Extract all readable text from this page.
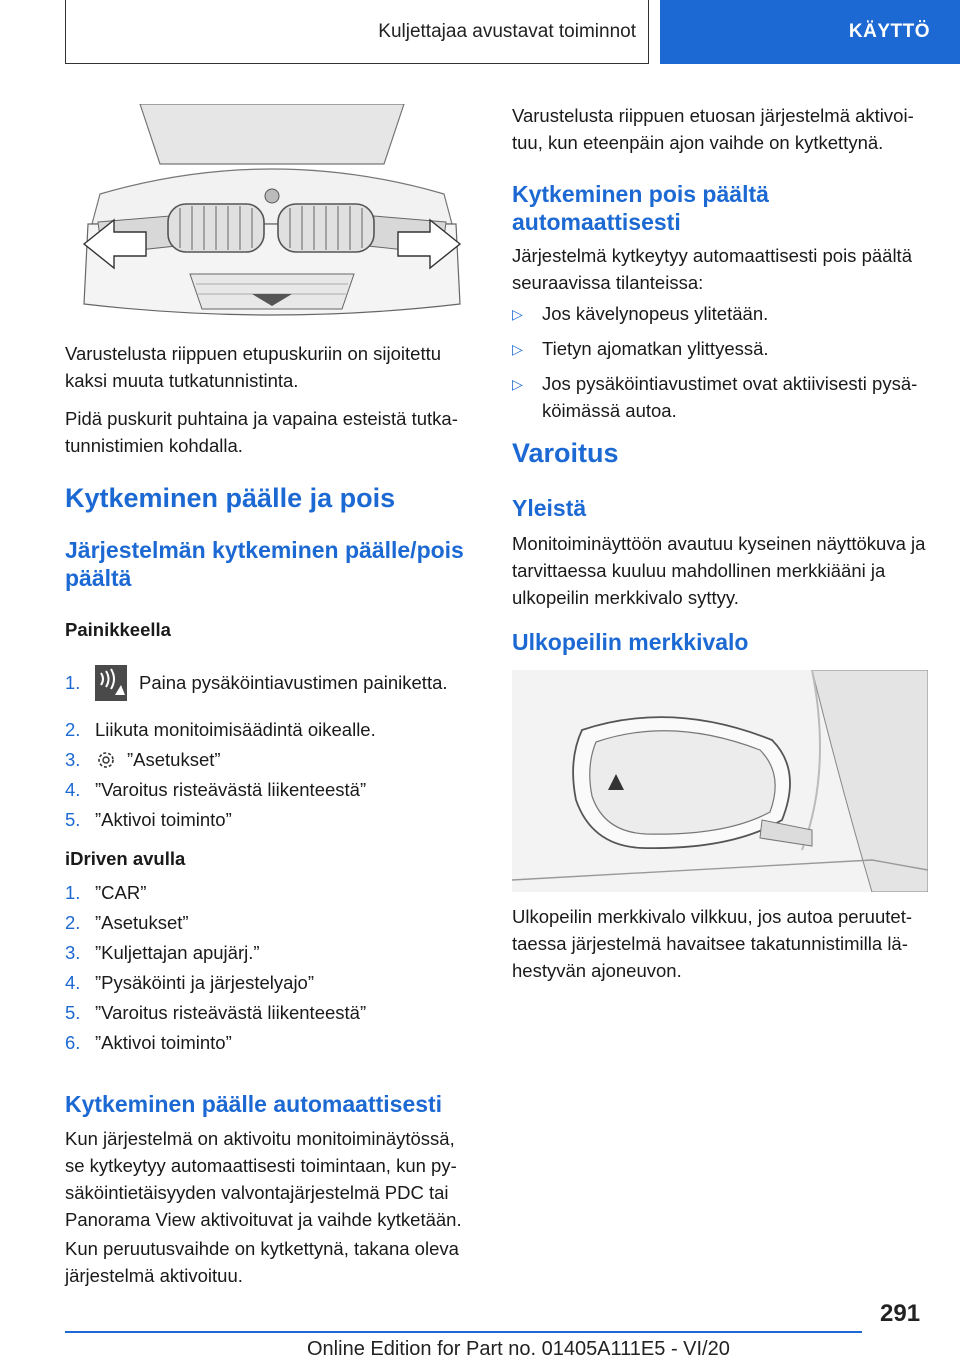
Kuljettajaa avustavat toiminnot	KÄYTTÖ

Varustelusta riippuen etupuskuriin on sijoitettu kaksi muuta tutkatunnistinta.

Pidä puskurit puhtaina ja vapaina esteistä tutka-tunnistimien kohdalla.

Kytkeminen päälle ja pois
Järjestelmän kytkeminen päälle/pois päältä

Painikkeella

1.	Paina pysäköintiavustimen painiketta.
2. Liikuta monitoimisäädintä oikealle.
3.	”Asetukset”
4. ”Varoitus risteävästä liikenteestä”
5. ”Aktivoi toiminto”

iDriven avulla

1. ”CAR”
2. ”Asetukset”
3. ”Kuljettajan apujärj.”
4. ”Pysäköinti ja järjestelyajo”
5. ”Varoitus risteävästä liikenteestä”
6. ”Aktivoi toiminto”
Kytkeminen päälle automaattisesti

Kun järjestelmä on aktivoitu monitoiminäytössä, se kytkeytyy automaattisesti toimintaan, kun py-säköintietäisyyden valvontajärjestelmä PDC tai Panorama View aktivoituvat ja vaihde kytketään.

Kun peruutusvaihde on kytkettynä, takana oleva järjestelmä aktivoituu.

Varustelusta riippuen etuosan järjestelmä aktivoi-tuu, kun eteenpäin ajon vaihde on kytkettynä.

Kytkeminen pois päältä automaattisesti

Järjestelmä kytkeytyy automaattisesti pois päältä seuraavissa tilanteissa:

▷	Jos kävelynopeus ylitetään.
▷	Tietyn ajomatkan ylittyessä.
▷	Jos pysäköintiavustimet ovat aktiivisesti pysä-köimässä autoa.
Varoitus
Yleistä

Monitoiminäyttöön avautuu kyseinen näyttökuva ja tarvittaessa kuuluu mahdollinen merkkiääni ja ulkopeilin merkkivalo syttyy.

Ulkopeilin merkkivalo

Ulkopeilin merkkivalo vilkkuu, jos autoa peruutet-taessa järjestelmä havaitsee takatunnistimilla lä-hestyvän ajoneuvon.

291
Online Edition for Part no. 01405A111E5 - VI/20
